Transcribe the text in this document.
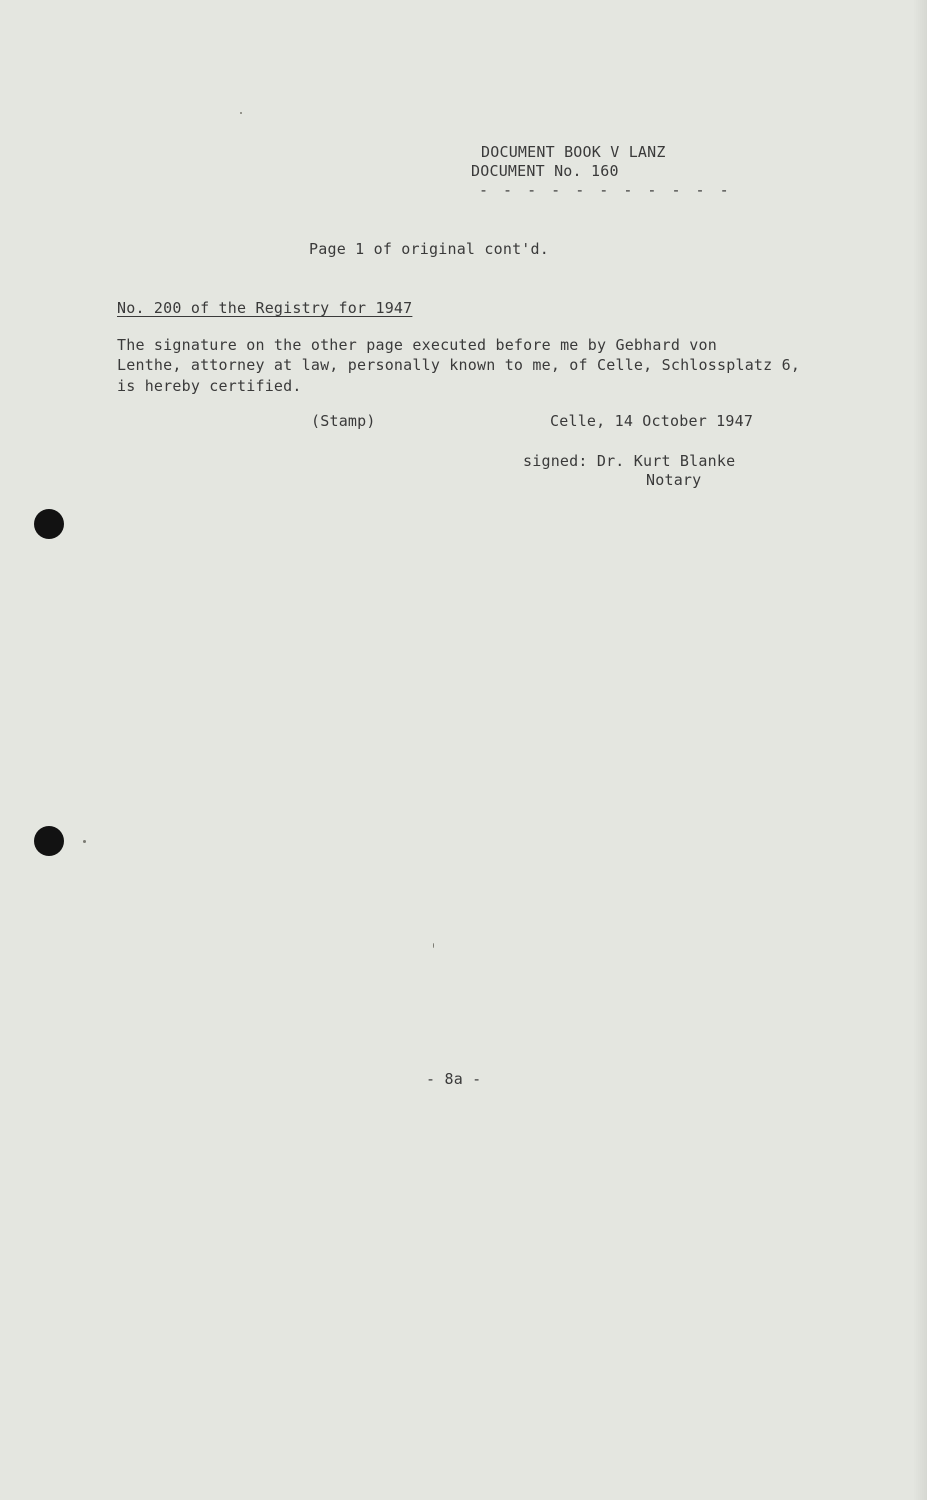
DOCUMENT BOOK V LANZ
DOCUMENT No. 160
- - - - - - - - - - -
Page 1 of original cont'd.
No. 200 of the Registry for 1947
The signature on the other page executed before me by Gebhard von
Lenthe, attorney at law, personally known to me, of Celle, Schlossplatz 6,
is hereby certified.
(Stamp)	Celle, 14 October 1947
signed: Dr. Kurt Blanke
Notary
- 8a -
